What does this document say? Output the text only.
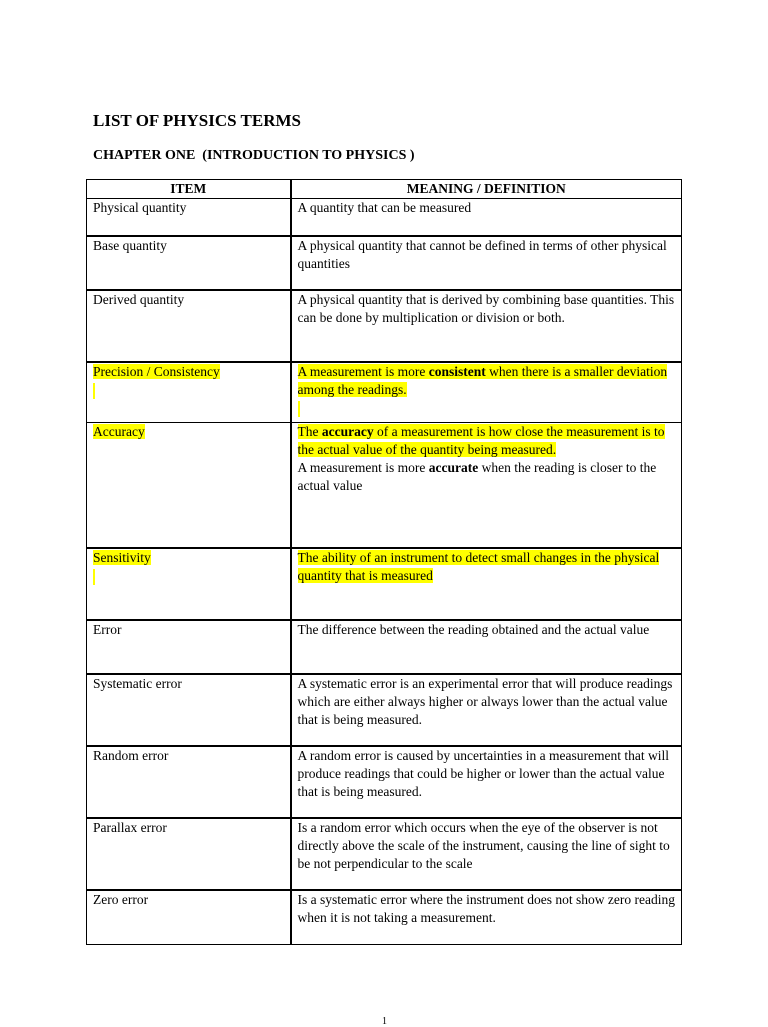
LIST OF PHYSICS TERMS
CHAPTER ONE  (INTRODUCTION TO PHYSICS )
ITEM	MEANING / DEFINITION
Physical quantity	A quantity that can be measured
Base quantity	A physical quantity that cannot be defined in terms of other physical quantities
Derived quantity	A physical quantity that is derived by combining base quantities. This can be done by multiplication or division or both.
Precision / Consistency	A measurement is more consistent when there is a smaller deviation among the readings.

Accuracy	The accuracy of a measurement is how close the measurement is to the actual value of the quantity being measured.
A measurement is more accurate when the reading is closer to the actual value
Sensitivity	The ability of an instrument to detect small changes in the physical quantity that is measured
Error	The difference between the reading obtained and the actual value
Systematic error	A systematic error is an experimental error that will produce readings which are either always higher or always lower than the actual value that is being measured.
Random error	A random error is caused by uncertainties in a measurement that will produce readings that could be higher or lower than the actual value that is being measured.
Parallax error	Is a random error which occurs when the eye of the observer is not directly above the scale of the instrument, causing the line of sight to be not perpendicular to the scale
Zero error	Is a systematic error where the instrument does not show zero reading when it is not taking a measurement.
1
